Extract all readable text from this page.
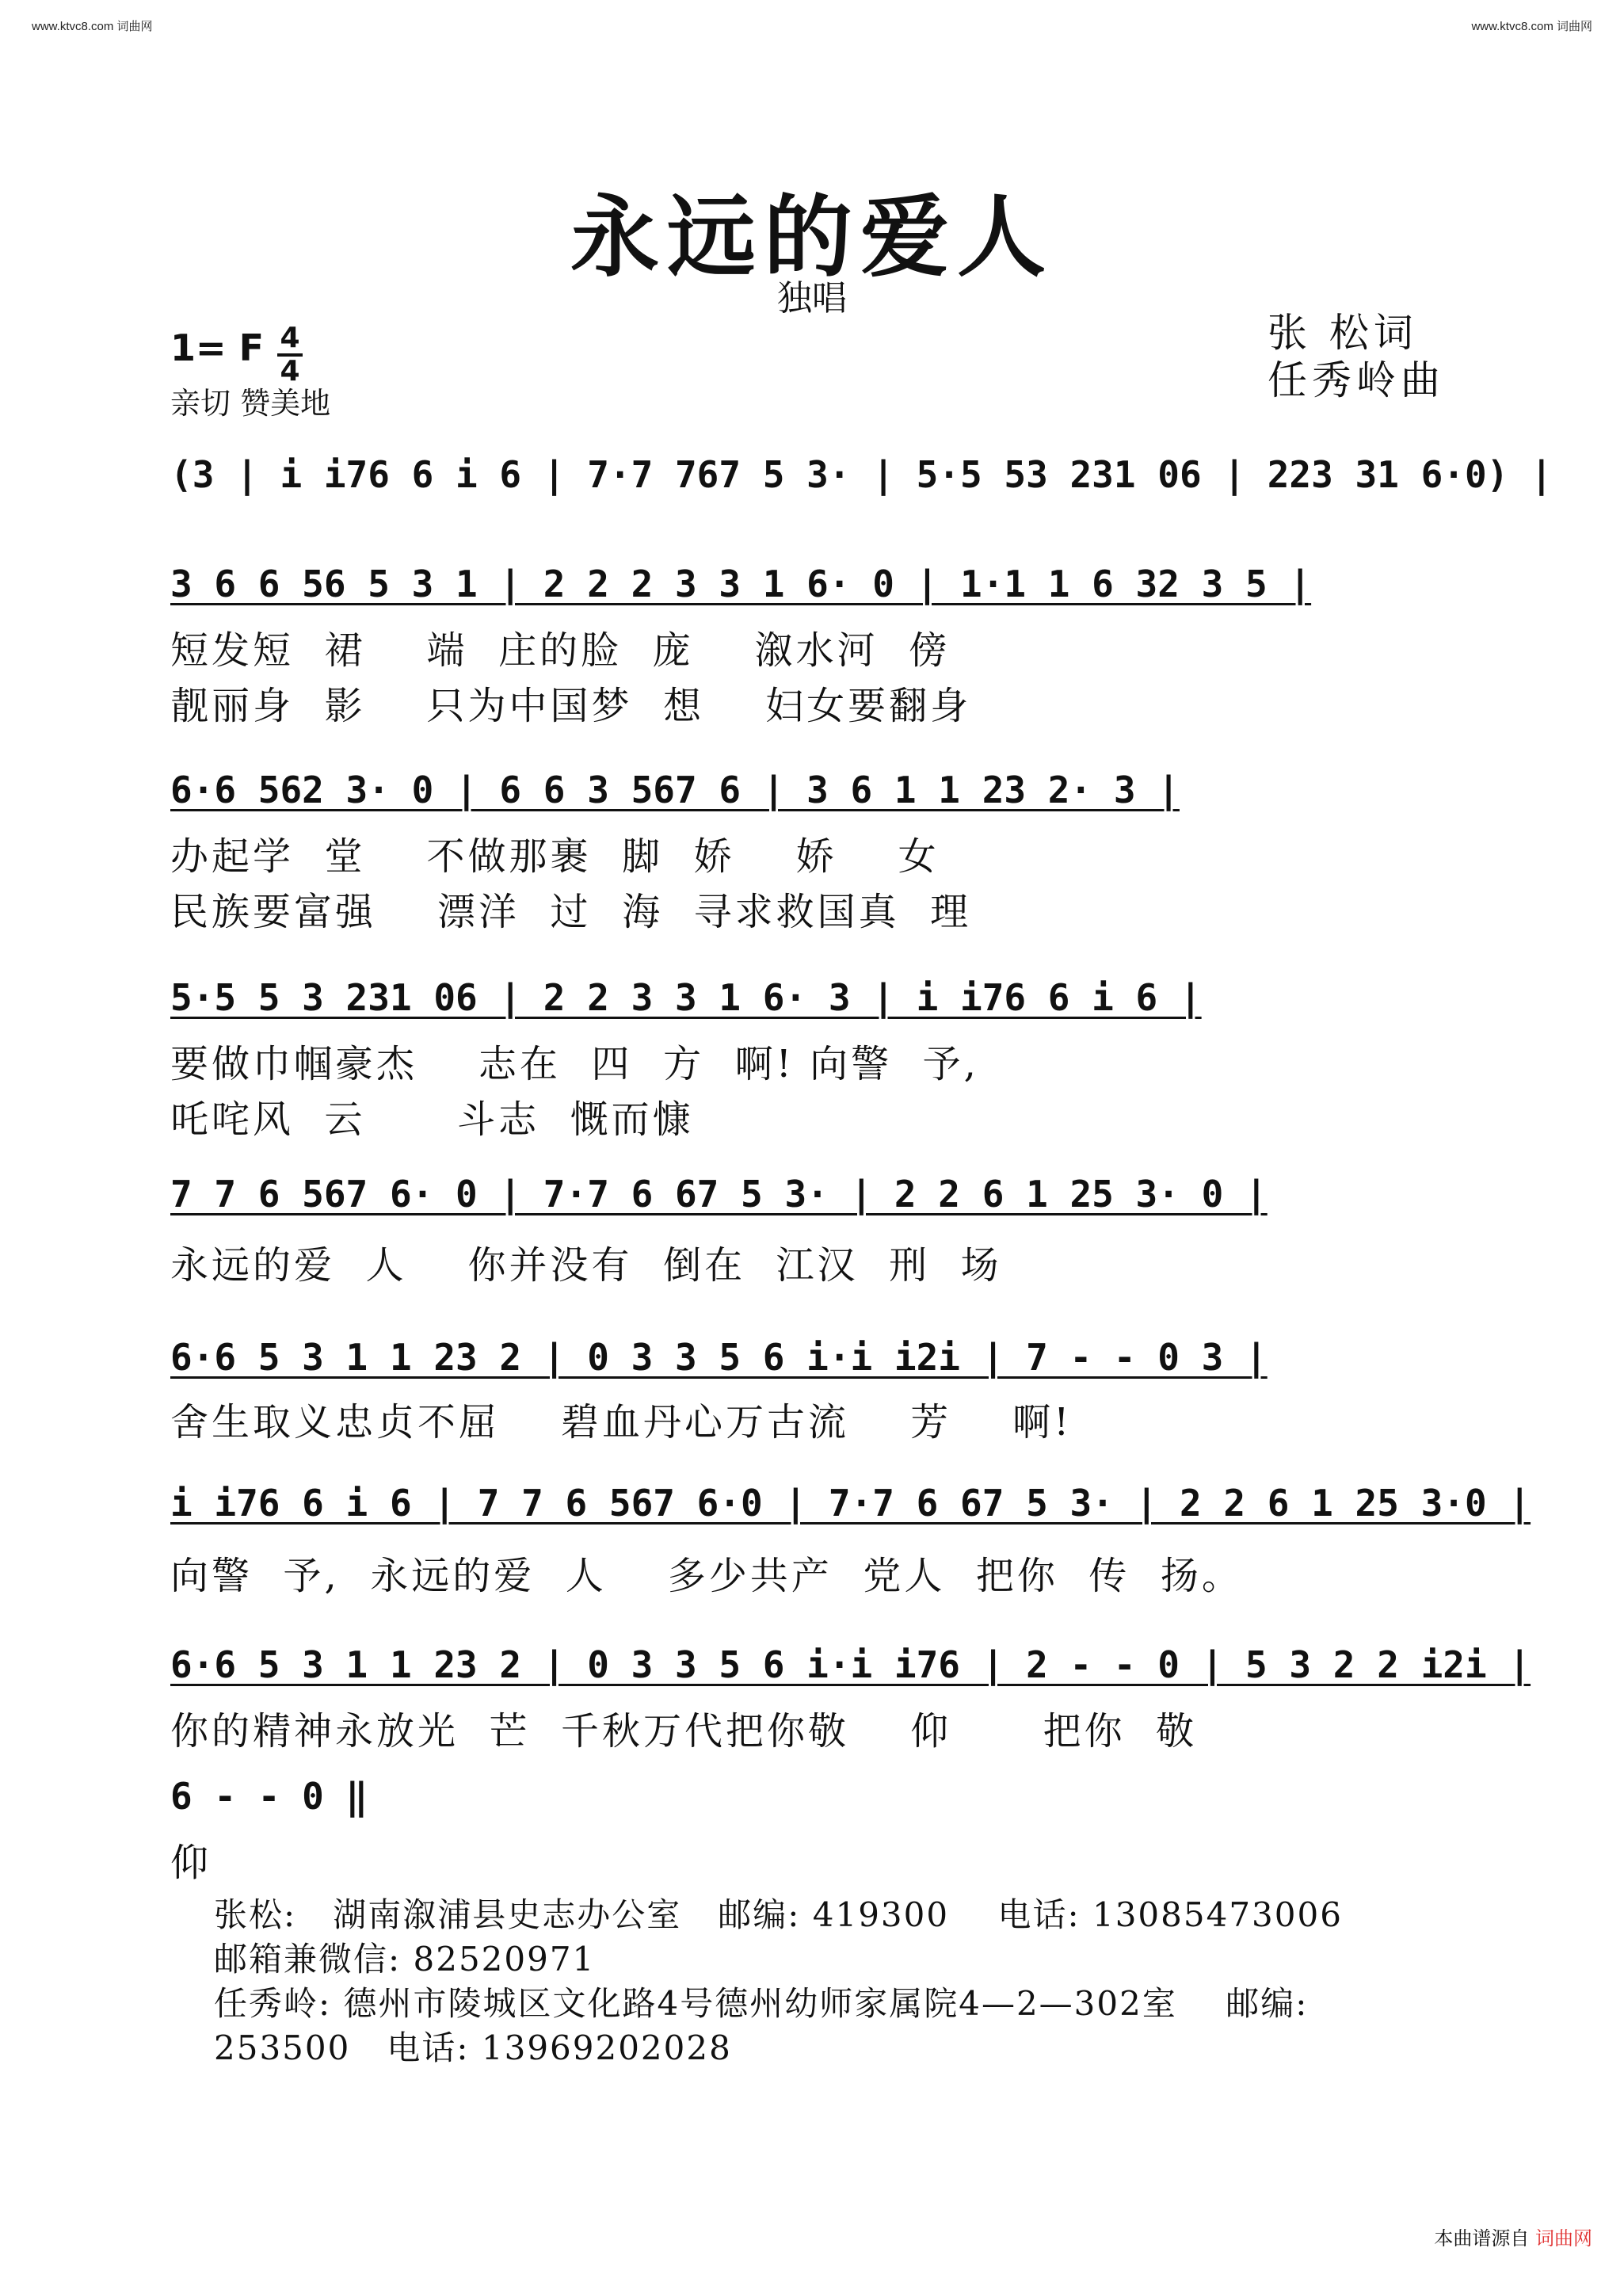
www.ktvc8.com 词曲网	www.ktvc8.com 词曲网
永远的爱人
独唱
1= F 4
4
亲切 赞美地
张 松词
任秀岭曲
(3 | i i76 6 i 6 | 7·7 767 5 3· | 5·5 53 231 06 | 223 31 6·0) |
3 6 6 56 5 3 1 | 2 2 2 3 3 1 6· 0 | 1·1 1 6 32 3 5 |
短发短  裙    端  庄的脸  庞    溆水河  傍
靓丽身  影    只为中国梦  想    妇女要翻身
6·6 562 3· 0 | 6 6 3 567 6 | 3 6 1 1 23 2· 3 |
办起学  堂    不做那裹  脚  娇    娇    女
民族要富强    漂洋  过  海  寻求救国真  理
5·5 5 3 231 06 | 2 2 3 3 1 6· 3 | i i76 6 i 6 |
要做巾帼豪杰    志在  四  方  啊! 向警  予,
吒咤风  云      斗志  慨而慷
7 7 6 567 6· 0 | 7·7 6 67 5 3· | 2 2 6 1 25 3· 0 |
永远的爱  人    你并没有  倒在  江汉  刑  场
6·6 5 3 1 1 23 2 | 0 3 3 5 6 i·i i2i | 7 - - 0 3 |
舍生取义忠贞不屈    碧血丹心万古流    芳    啊!
i i76 6 i 6 | 7 7 6 567 6·0 | 7·7 6 67 5 3· | 2 2 6 1 25 3·0 |
向警  予,  永远的爱  人    多少共产  党人  把你  传  扬。
6·6 5 3 1 1 23 2 | 0 3 3 5 6 i·i i76 | 2 - - 0 | 5 3 2 2 i2i |
你的精神永放光  芒  千秋万代把你敬    仰      把你  敬
6 - - 0 ‖
仰
张松:   湖南溆浦县史志办公室   邮编: 419300    电话: 13085473006
邮箱兼微信: 82520971
任秀岭: 德州市陵城区文化路4号德州幼师家属院4—2—302室    邮编:
253500   电话: 13969202028
本曲谱源自 词曲网
